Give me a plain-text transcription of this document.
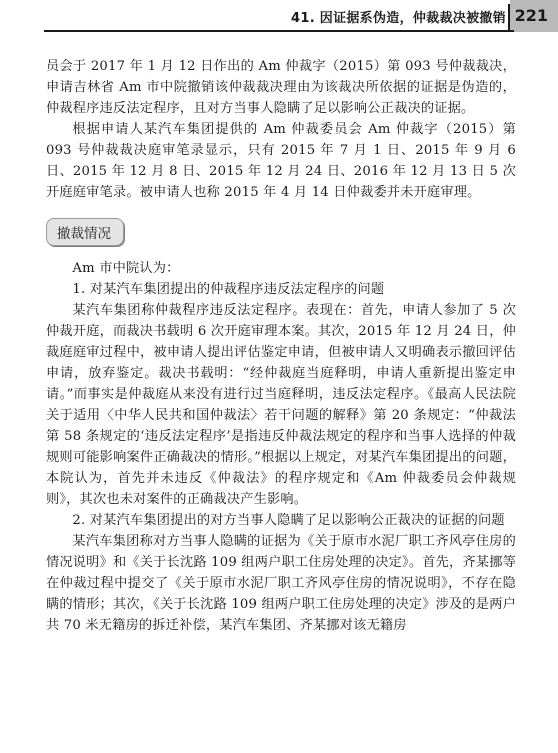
41. 因证据系伪造，仲裁裁决被撤销 221

员会于 2017 年 1 月 12 日作出的 Am 仲裁字（2015）第 093 号仲裁裁决，申请吉林省 Am 市中院撤销该仲裁裁决理由为该裁决所依据的证据是伪造的，仲裁程序违反法定程序，且对方当事人隐瞒了足以影响公正裁决的证据。

根据申请人某汽车集团提供的 Am 仲裁委员会 Am 仲裁字（2015）第 093 号仲裁裁决庭审笔录显示，只有 2015 年 7 月 1 日、2015 年 9 月 6 日、2015 年 12 月 8 日、2015 年 12 月 24 日、2016 年 12 月 13 日 5 次开庭庭审笔录。被申请人也称 2015 年 4 月 14 日仲裁委并未开庭审理。

撤裁情况

Am 市中院认为：

1. 对某汽车集团提出的仲裁程序违反法定程序的问题

某汽车集团称仲裁程序违反法定程序。表现在：首先，申请人参加了 5 次仲裁开庭，而裁决书载明 6 次开庭审理本案。其次，2015 年 12 月 24 日，仲裁庭庭审过程中，被申请人提出评估鉴定申请，但被申请人又明确表示撤回评估申请，放弃鉴定。裁决书载明：“经仲裁庭当庭释明，申请人重新提出鉴定申请。”而事实是仲裁庭从来没有进行过当庭释明，违反法定程序。《最高人民法院关于适用〈中华人民共和国仲裁法〉若干问题的解释》第 20 条规定：“仲裁法第 58 条规定的‘违反法定程序’是指违反仲裁法规定的程序和当事人选择的仲裁规则可能影响案件正确裁决的情形。”根据以上规定，对某汽车集团提出的问题，本院认为，首先并未违反《仲裁法》的程序规定和《Am 仲裁委员会仲裁规则》，其次也未对案件的正确裁决产生影响。

2. 对某汽车集团提出的对方当事人隐瞒了足以影响公正裁决的证据的问题

某汽车集团称对方当事人隐瞒的证据为《关于原市水泥厂职工齐风亭住房的情况说明》和《关于长沈路 109 组两户职工住房处理的决定》。首先，齐某挪等在仲裁过程中提交了《关于原市水泥厂职工齐风亭住房的情况说明》，不存在隐瞒的情形；其次，《关于长沈路 109 组两户职工住房处理的决定》涉及的是两户共 70 米无籍房的拆迁补偿，某汽车集团、齐某挪对该无籍房
